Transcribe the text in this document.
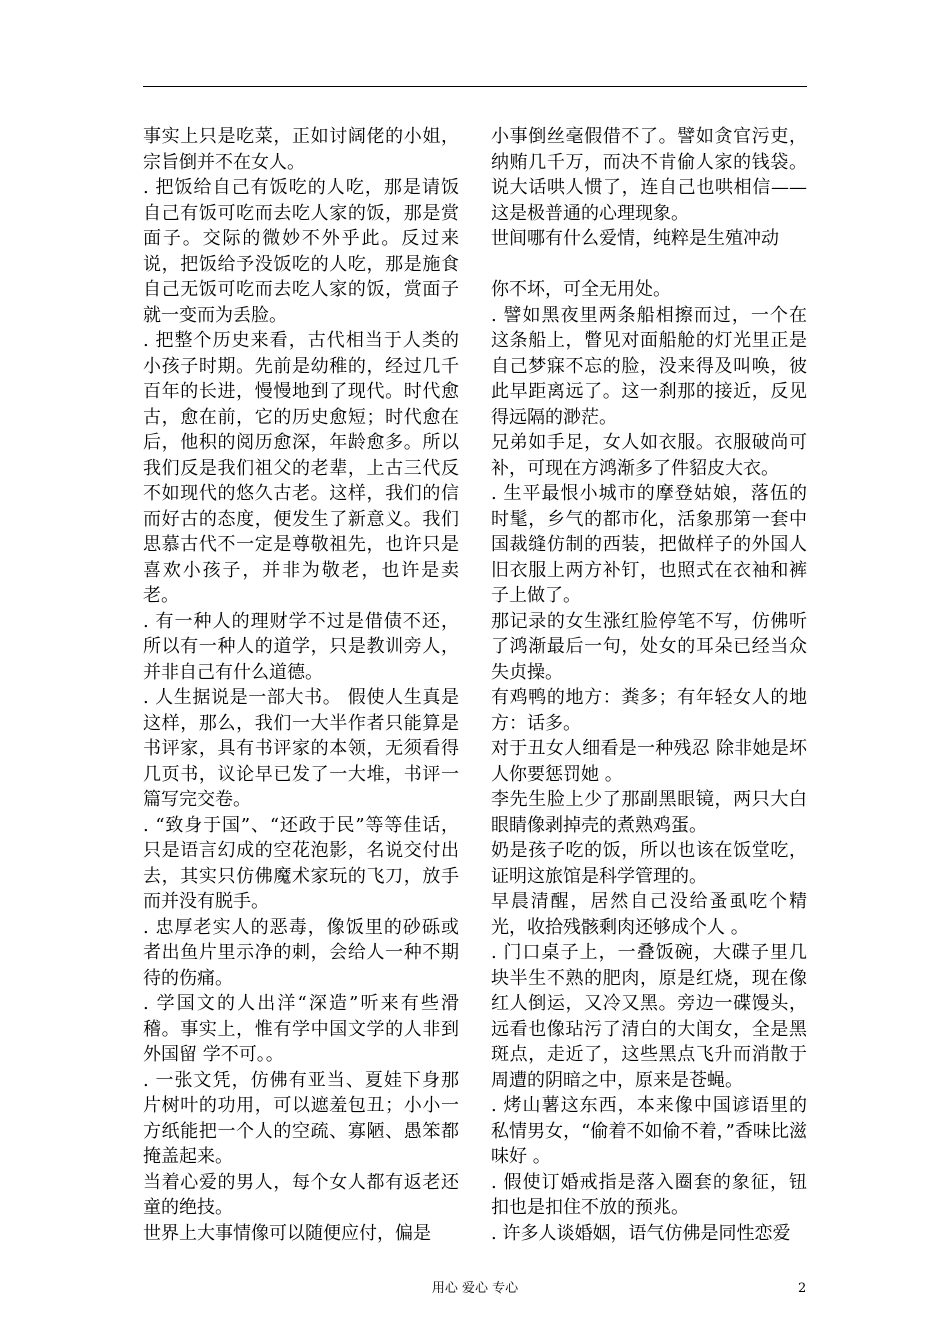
事实上只是吃菜，正如讨阔佬的小姐，宗旨倒并不在女人。

. 把饭给自己有饭吃的人吃，那是请饭自己有饭可吃而去吃人家的饭，那是赏面子。交际的微妙不外乎此。反过来说，把饭给予没饭吃的人吃，那是施食自己无饭可吃而去吃人家的饭，赏面子就一变而为丢脸。

. 把整个历史来看，古代相当于人类的小孩子时期。先前是幼稚的，经过几千百年的长进，慢慢地到了现代。时代愈古，愈在前，它的历史愈短；时代愈在后，他积的阅历愈深，年龄愈多。所以我们反是我们祖父的老辈，上古三代反不如现代的悠久古老。这样，我们的信而好古的态度，便发生了新意义。我们思慕古代不一定是尊敬祖先，也许只是喜欢小孩子，并非为敬老，也许是卖老。

. 有一种人的理财学不过是借债不还，所以有一种人的道学，只是教训旁人，并非自己有什么道德。

. 人生据说是一部大书。 假使人生真是这样，那么，我们一大半作者只能算是书评家，具有书评家的本领，无须看得几页书，议论早已发了一大堆，书评一篇写完交卷。

. “致身于国”、“还政于民”等等佳话，只是语言幻成的空花泡影，名说交付出去，其实只仿佛魔术家玩的飞刀，放手而并没有脱手。

. 忠厚老实人的恶毒，像饭里的砂砾或者出鱼片里示净的刺，会给人一种不期待的伤痛。

. 学国文的人出洋“深造”听来有些滑稽。事实上，惟有学中国文学的人非到外国留 学不可。。

. 一张文凭，仿佛有亚当、夏娃下身那片树叶的功用，可以遮羞包丑；小小一方纸能把一个人的空疏、寡陋、愚笨都掩盖起来。

当着心爱的男人，每个女人都有返老还童的绝技。

世界上大事情像可以随便应付，偏是

小事倒丝毫假借不了。譬如贪官污吏，纳贿几千万，而决不肯偷人家的钱袋。说大话哄人惯了，连自己也哄相信——这是极普通的心理现象。

世间哪有什么爱情，纯粹是生殖冲动

你不坏，可全无用处。

. 譬如黑夜里两条船相擦而过，一个在这条船上，瞥见对面船舱的灯光里正是自己梦寐不忘的脸，没来得及叫唤，彼此早距离远了。这一刹那的接近，反见得远隔的渺茫。

兄弟如手足，女人如衣服。衣服破尚可补，可现在方鸿渐多了件貂皮大衣。

. 生平最恨小城市的摩登姑娘，落伍的时髦，乡气的都市化，活象那第一套中国裁缝仿制的西装，把做样子的外国人旧衣服上两方补钉，也照式在衣袖和裤子上做了。

那记录的女生涨红脸停笔不写，仿佛听了鸿渐最后一句，处女的耳朵已经当众失贞操。

有鸡鸭的地方：粪多；有年轻女人的地方：话多。

对于丑女人细看是一种残忍 除非她是坏人你要惩罚她 。

李先生脸上少了那副黑眼镜，两只大白眼睛像剥掉壳的煮熟鸡蛋。

奶是孩子吃的饭，所以也该在饭堂吃，证明这旅馆是科学管理的。

早晨清醒，居然自己没给蚤虱吃个精光，收拾残骸剩肉还够成个人 。

. 门口桌子上，一叠饭碗，大碟子里几块半生不熟的肥肉，原是红烧，现在像红人倒运，又冷又黑。旁边一碟馒头，远看也像玷污了清白的大闺女，全是黑斑点，走近了，这些黑点飞升而消散于周遭的阴暗之中，原来是苍蝇。

. 烤山薯这东西，本来像中国谚语里的私情男女，“偷着不如偷不着，”香味比滋味好 。

. 假使订婚戒指是落入圈套的象征，钮扣也是扣住不放的预兆。

. 许多人谈婚姻，语气仿佛是同性恋爱

用心 爱心 专心	2
